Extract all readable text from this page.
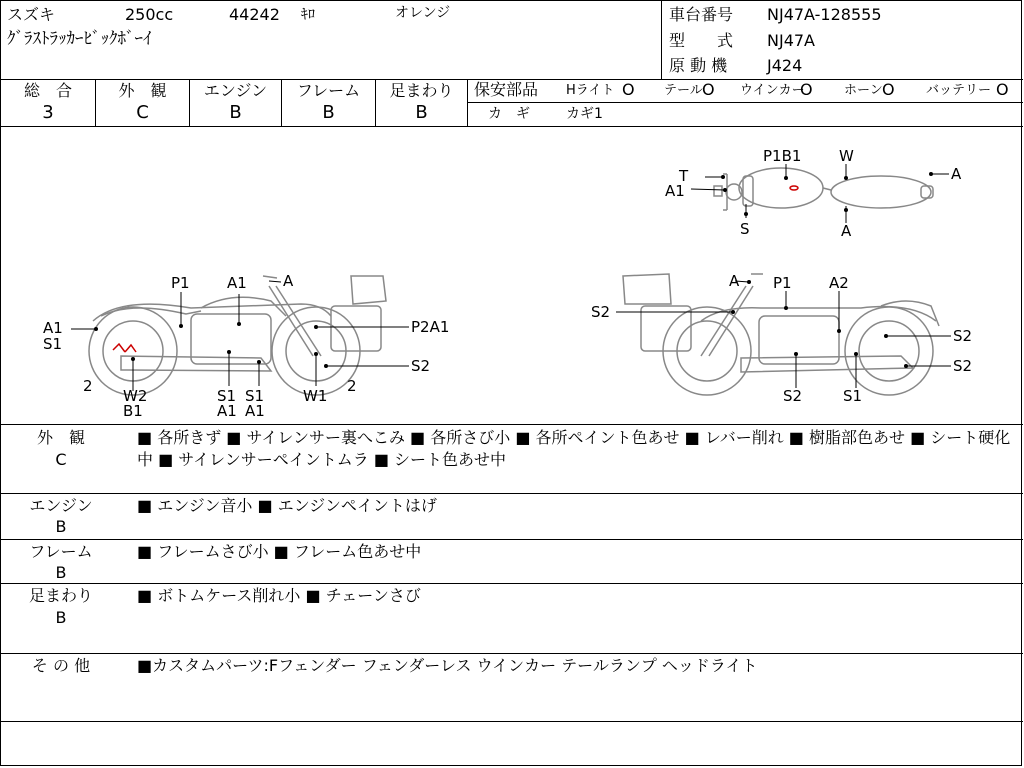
スズキ	250cc	44242 ｷﾛ	オレンジ
ｸﾞﾗｽﾄﾗｯｶｰﾋﾞｯｸﾎﾞｰｲ
車台番号 NJ47A-128555
型　　式 NJ47A
原 動 機 J424
総　合
3
外　観
C
エンジン
B
フレーム
B
足まわり
B
保安部品 Hライト O テール O ウインカー
O ホーン O バッテリー O
カ　ギ	カギ1
T
A1
S
P1B1	W
A
A
A1
P1	A
A1
S1
P2A1
S2
2
W2
B1
S1
A1
S1
A1
W1
2
A P1 A2
S2
S2
S2
S2	S1
外　観
C
■ 各所きず ■ サイレンサー裏へこみ ■ 各所さび小 ■ 各所ペイント色あせ ■ レバー削れ ■ 樹脂部色あせ ■ シート硬化中 ■ サイレンサーペイントムラ ■ シート色あせ中
エンジン
B
■ エンジン音小 ■ エンジンペイントはげ
フレーム
B
■ フレームさび小 ■ フレーム色あせ中
足まわり
B
■ ボトムケース削れ小 ■ チェーンさび
そ の 他	■カスタムパーツ:Fフェンダー フェンダーレス ウインカー テールランプ ヘッドライト
